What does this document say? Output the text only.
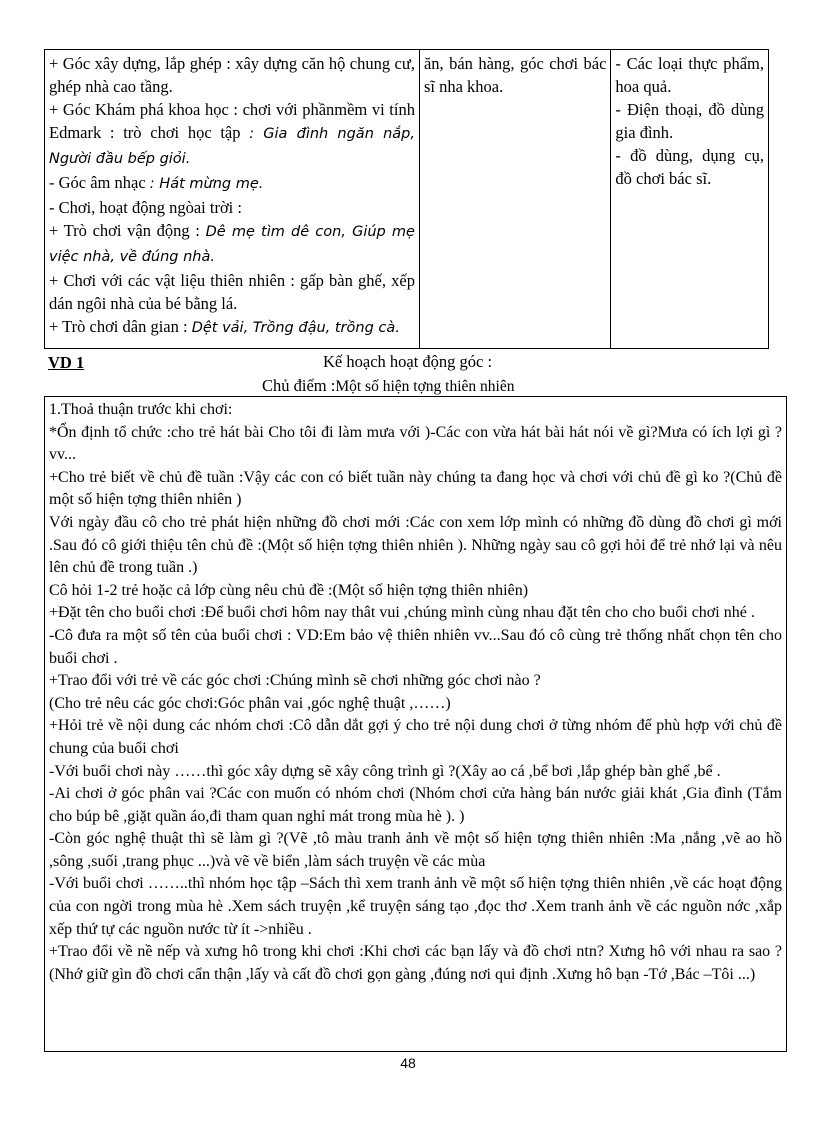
+ Góc xây dựng, lắp ghép : xây dựng căn hộ chung cư, ghép nhà cao tầng.

+ Góc Khám phá khoa học : chơi với phầnmềm vi tính Edmark : trò chơi học tập : Gia đình ngăn nắp, Người đầu bếp giỏi.

- Góc âm nhạc : Hát mừng mẹ.

- Chơi, hoạt động ngòai trời :

+ Trò chơi vận động : Dê mẹ tìm dê con, Giúp mẹ việc nhà, về đúng nhà.

+ Chơi với các vật liệu thiên nhiên : gấp bàn ghế, xếp dán ngôi nhà của bé bằng lá.

+ Trò chơi dân gian : Dệt vải, Trồng đậu, trồng cà.

ăn, bán hàng, góc chơi bác sĩ nha khoa.

- Các loại thực phẩm, hoa quả.

- Điện thoại, đồ dùng gia đình.

- đồ dùng, dụng cụ, đồ chơi bác sĩ.

VD 1	Kế hoạch hoạt động góc :
Chủ điểm :Một số hiện tợng thiên nhiên

1.Thoả thuận trước khi chơi:

*Ổn định tổ chức :cho trẻ hát bài Cho tôi đi làm mưa với )-Các con vừa hát bài hát nói về gì?Mưa có ích lợi gì ?vv...

+Cho trẻ biết về chủ đề tuần :Vậy các con có biết tuần này chúng ta đang học và chơi với chủ đề gì ko ?(Chủ đề một số hiện tợng thiên nhiên )

Với ngày đầu cô cho trẻ phát hiện những đồ chơi mới :Các con xem lớp mình có những đồ dùng đồ chơi gì mới .Sau đó cô giới thiệu tên chủ đề :(Một số hiện tợng thiên nhiên ). Những ngày sau cô gợi hỏi để trẻ nhớ lại và nêu lên chủ đề trong tuần .)

Cô hỏi 1-2 trẻ hoặc cả lớp cùng nêu chủ đề :(Một số hiện tợng thiên nhiên)

+Đặt tên cho buổi chơi :Để buổi chơi hôm nay thât vui ,chúng mình cùng nhau đặt tên cho cho buổi chơi nhé .

-Cô đưa ra một số tên của buổi chơi : VD:Em bảo vệ thiên nhiên vv...Sau đó cô cùng trẻ thống nhất chọn tên cho buổi chơi .

+Trao đổi với trẻ về các góc chơi :Chúng mình sẽ chơi những góc chơi nào ?

(Cho trẻ nêu các góc chơi:Góc phân vai ,góc nghệ thuật ,……)

+Hỏi trẻ về nội dung các nhóm chơi :Cô dẫn dắt gợi ý cho trẻ nội dung chơi ở từng nhóm để phù hợp với chủ đề chung của buổi chơi

-Với buổi chơi này ……thì góc xây dựng sẽ xây công trình gì ?(Xây ao cá ,bể bơi ,lắp ghép bàn ghế ,bể .

-Ai chơi ở góc phân vai ?Các con muốn có nhóm chơi (Nhóm chơi cửa hàng bán nước giải khát ,Gia đình (Tắm cho búp bê ,giặt quần áo,đi tham quan nghỉ mát trong mùa hè ). )

-Còn góc nghệ thuật thì sẽ làm gì ?(Vẽ ,tô màu tranh ảnh về một số hiện tợng thiên nhiên :Ma ,nắng ,vẽ ao hồ ,sông ,suối ,trang phục ...)và vẽ về biển ,làm sách truyện về các mùa

-Với buổi chơi ……..thì nhóm học tập –Sách thì xem tranh ảnh về một số hiện tợng thiên nhiên ,về các hoạt động của con ngời trong mùa hè .Xem sách truyện ,kể truyện sáng tạo ,đọc thơ .Xem tranh ảnh về các nguồn nớc ,xắp xếp thứ tự các nguồn nước từ ít ->nhiều .

+Trao đổi về nề nếp và xưng hô trong khi chơi :Khi chơi các bạn lấy và đồ chơi ntn? Xưng hô với nhau ra sao ?(Nhớ giữ gìn đồ chơi cẩn thận ,lấy và cất đồ chơi gọn gàng ,đúng nơi qui định .Xưng hô bạn -Tớ ,Bác –Tôi ...)

48
